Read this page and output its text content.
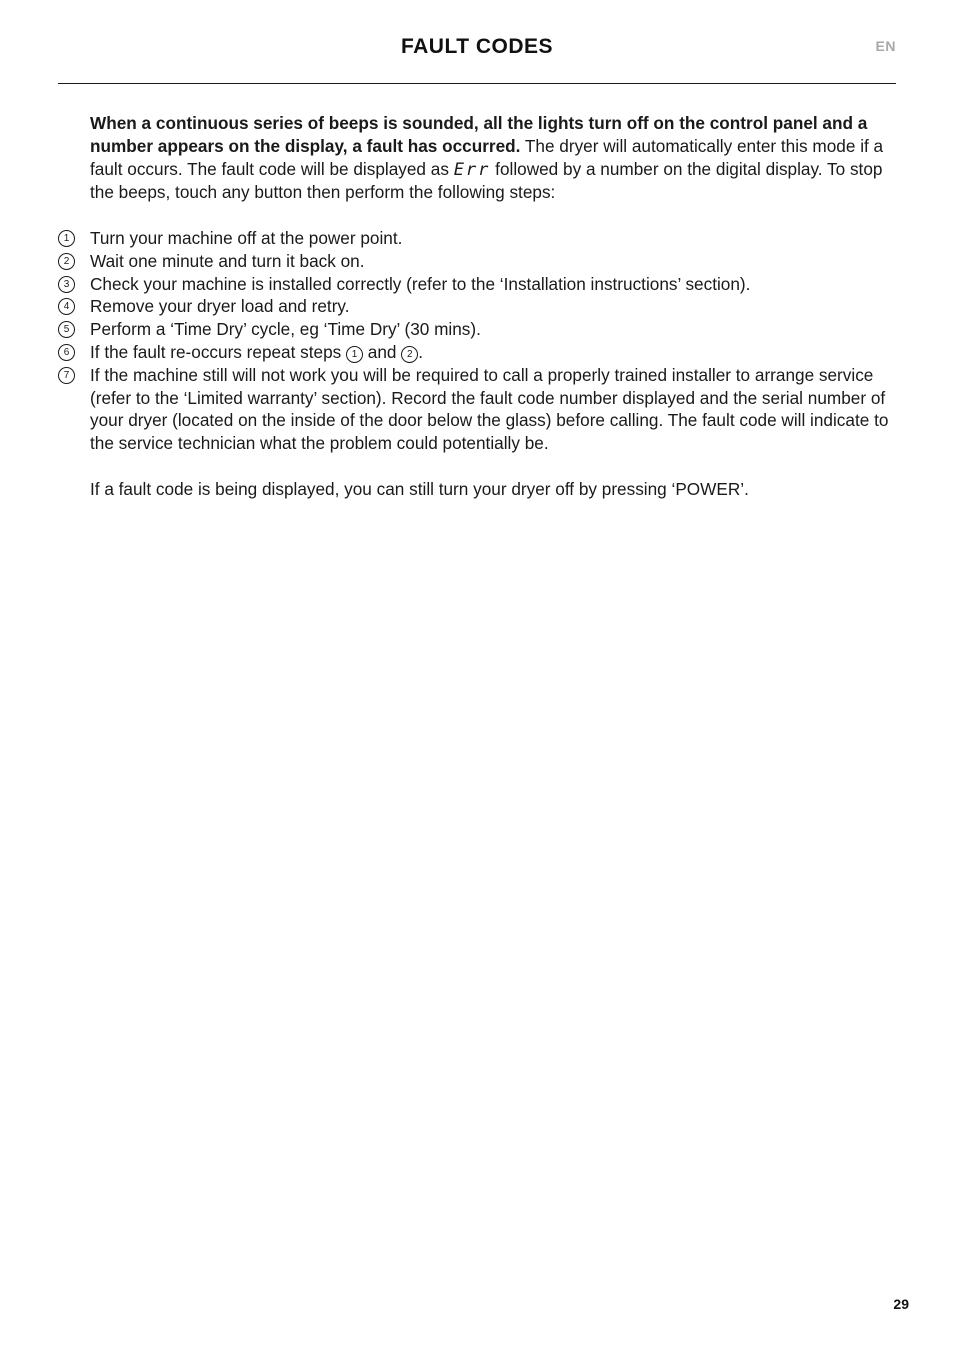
FAULT CODES	EN

When a continuous series of beeps is sounded, all the lights turn off on the control panel and a number appears on the display, a fault has occurred. The dryer will automatically enter this mode if a fault occurs. The fault code will be displayed as Err followed by a number on the digital display. To stop the beeps, touch any button then perform the following steps:

1	Turn your machine off at the power point.
2	Wait one minute and turn it back on.
3	Check your machine is installed correctly (refer to the ‘Installation instructions’ section).
4	Remove your dryer load and retry.
5	Perform a ‘Time Dry’ cycle, eg ‘Time Dry’ (30 mins).
6	If the fault re-occurs repeat steps 1 and 2 .
7	If the machine still will not work you will be required to call a properly trained installer to arrange service (refer to the ‘Limited warranty’ section). Record the fault code number displayed and the serial number of your dryer (located on the inside of the door below the glass) before calling. The fault code will indicate to the service technician what the problem could potentially be.

If a fault code is being displayed, you can still turn your dryer off by pressing ‘POWER’.

29
